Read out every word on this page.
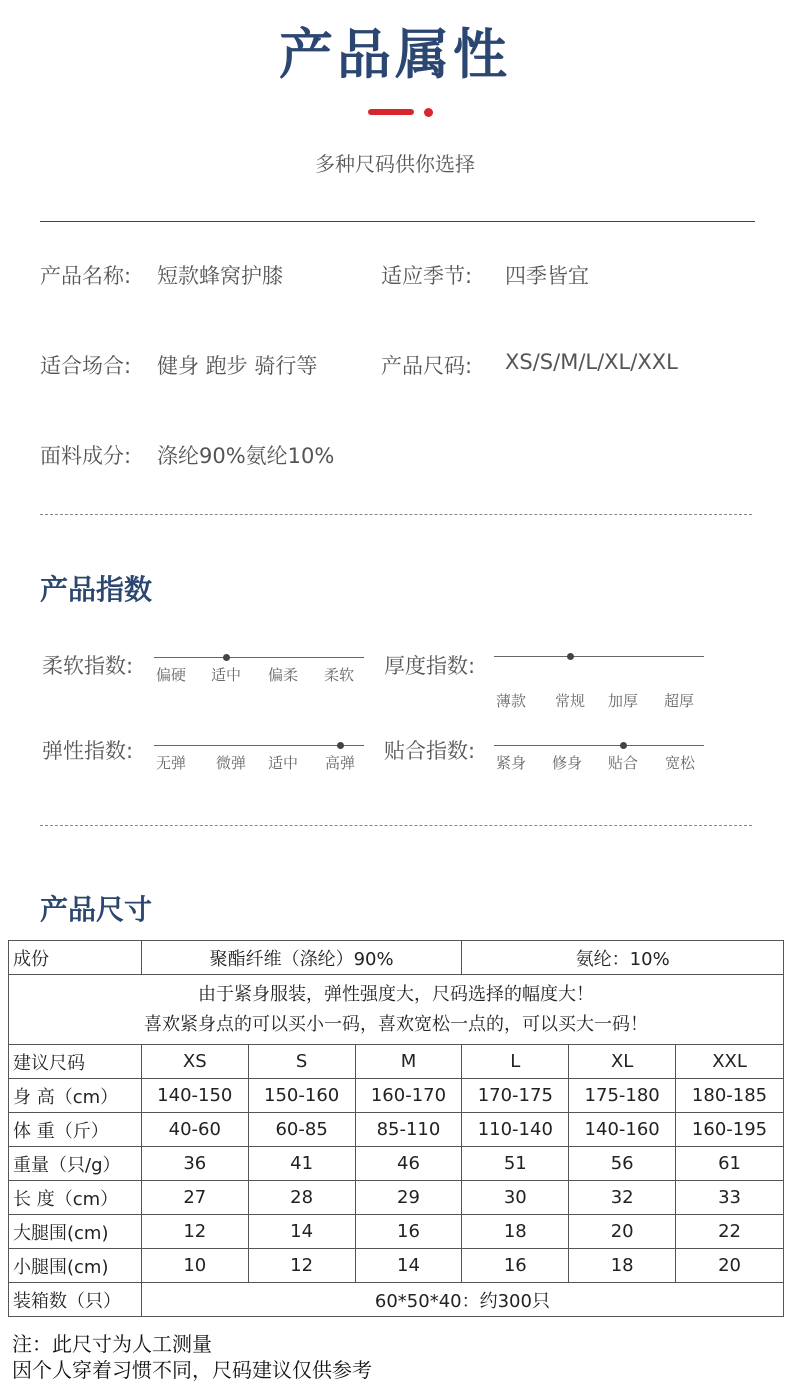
产品属性
多种尺码供你选择
产品名称: 短款蜂窝护膝	适应季节: 四季皆宜
适合场合: 健身 跑步 骑行等	产品尺码: XS/S/M/L/XL/XXL
面料成分: 涤纶90%氨纶10%
产品指数
柔软指数: 偏硬 适中 偏柔 柔软 厚度指数:
薄款 常规 加厚 超厚
弹性指数: 无弹 微弹 适中 高弹 贴合指数: 紧身 修身 贴合 宽松
产品尺寸
成份	聚酯纤维（涤纶）90%			氨纶：10%		

由于紧身服装，弹性强度大，尺码选择的幅度大！
喜欢紧身点的可以买小一码，喜欢宽松一点的，可以买大一码！						

建议尺码	XS	S	M	L	XL	XXL
身 高（cm）	140-150	150-160	160-170	170-175	175-180	180-185
体 重（斤）	40-60	60-85	85-110	110-140	140-160	160-195
重量（只/g）	36	41	46	51	56	61
长 度（cm）	27	28	29	30	32	33
大腿围(cm)	12	14	16	18	20	22
小腿围(cm)	10	12	14	16	18	20
装箱数（只）	60*50*40：约300只					
注：此尺寸为人工测量
因个人穿着习惯不同，尺码建议仅供参考
